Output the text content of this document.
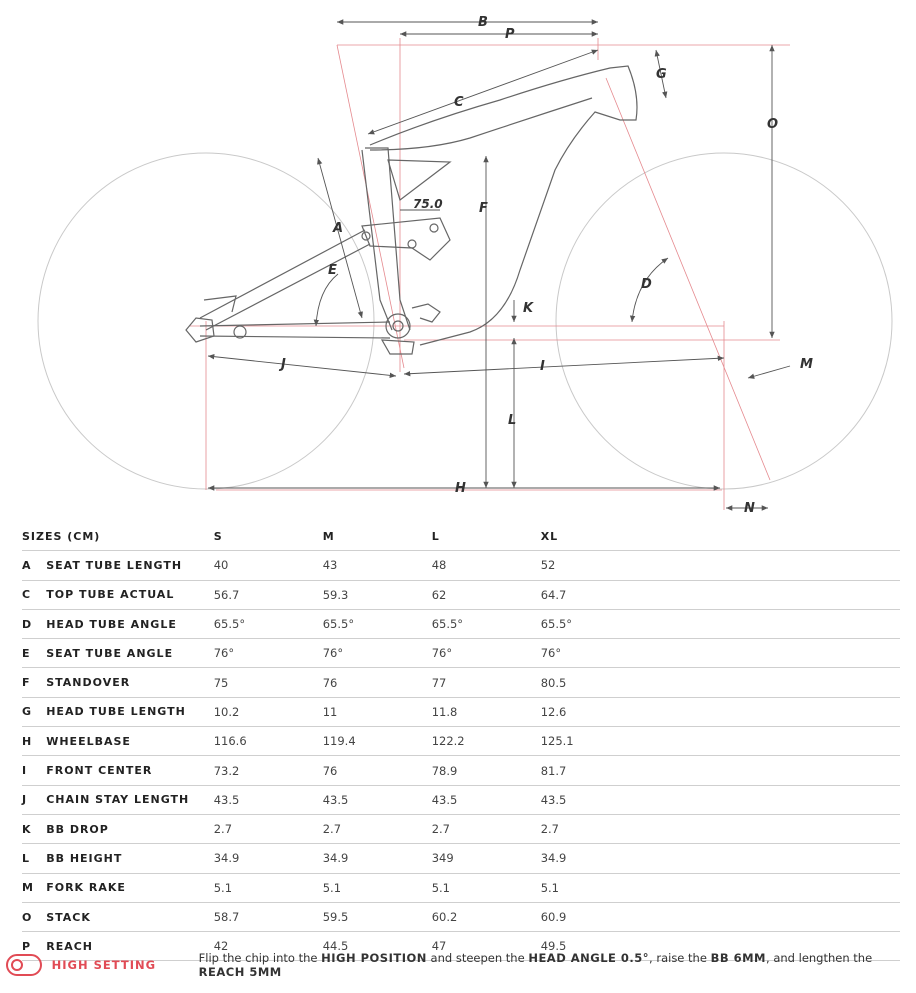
B
P
C
G
O
A
F
E
D
K
J	I	M
L
H
N
75.0
SIZES (CM)		S	M	L	XL
A	SEAT TUBE LENGTH	40	43	48	52
C	TOP TUBE ACTUAL	56.7	59.3	62	64.7
D	HEAD TUBE ANGLE	65.5°	65.5°	65.5°	65.5°
E	SEAT TUBE ANGLE	76°	76°	76°	76°
F	STANDOVER	75	76	77	80.5
G	HEAD TUBE LENGTH	10.2	11	11.8	12.6
H	WHEELBASE	116.6	119.4	122.2	125.1
I	FRONT CENTER	73.2	76	78.9	81.7
J	CHAIN STAY LENGTH	43.5	43.5	43.5	43.5
K	BB DROP	2.7	2.7	2.7	2.7
L	BB HEIGHT	34.9	34.9	349	34.9
M	FORK RAKE	5.1	5.1	5.1	5.1
O	STACK	58.7	59.5	60.2	60.9
P	REACH	42	44.5	47	49.5
HIGH SETTING	Flip the chip into the HIGH POSITION and steepen the HEAD ANGLE 0.5°, raise the BB 6MM, and lengthen the REACH 5MM
